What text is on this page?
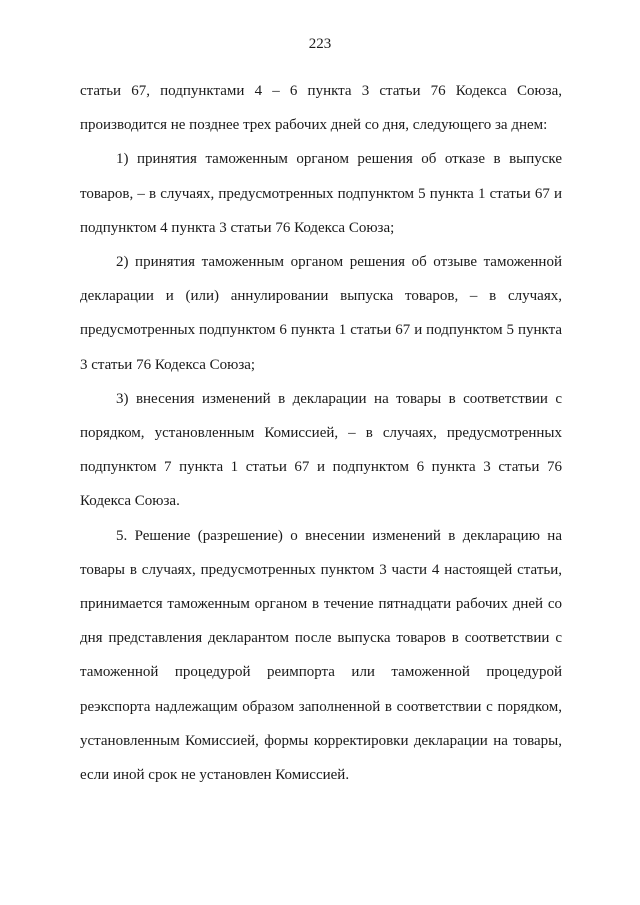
223

статьи 67, подпунктами 4 – 6 пункта 3 статьи 76 Кодекса Союза, производится не позднее трех рабочих дней со дня, следующего за днем:

1) принятия таможенным органом решения об отказе в выпуске товаров, – в случаях, предусмотренных подпунктом 5 пункта 1 статьи 67 и подпунктом 4 пункта 3 статьи 76 Кодекса Союза;

2) принятия таможенным органом решения об отзыве таможенной декларации и (или) аннулировании выпуска товаров, – в случаях, предусмотренных подпунктом 6 пункта 1 статьи 67 и подпунктом 5 пункта 3 статьи 76 Кодекса Союза;

3) внесения изменений в декларации на товары в соответствии с порядком, установленным Комиссией, – в случаях, предусмотренных подпунктом 7 пункта 1 статьи 67 и подпунктом 6 пункта 3 статьи 76 Кодекса Союза.

5. Решение (разрешение) о внесении изменений в декларацию на товары в случаях, предусмотренных пунктом 3 части 4 настоящей статьи, принимается таможенным органом в течение пятнадцати рабочих дней со дня представления декларантом после выпуска товаров в соответствии с таможенной процедурой реимпорта или таможенной процедурой реэкспорта надлежащим образом заполненной в соответствии с порядком, установленным Комиссией, формы корректировки декларации на товары, если иной срок не установлен Комиссией.
